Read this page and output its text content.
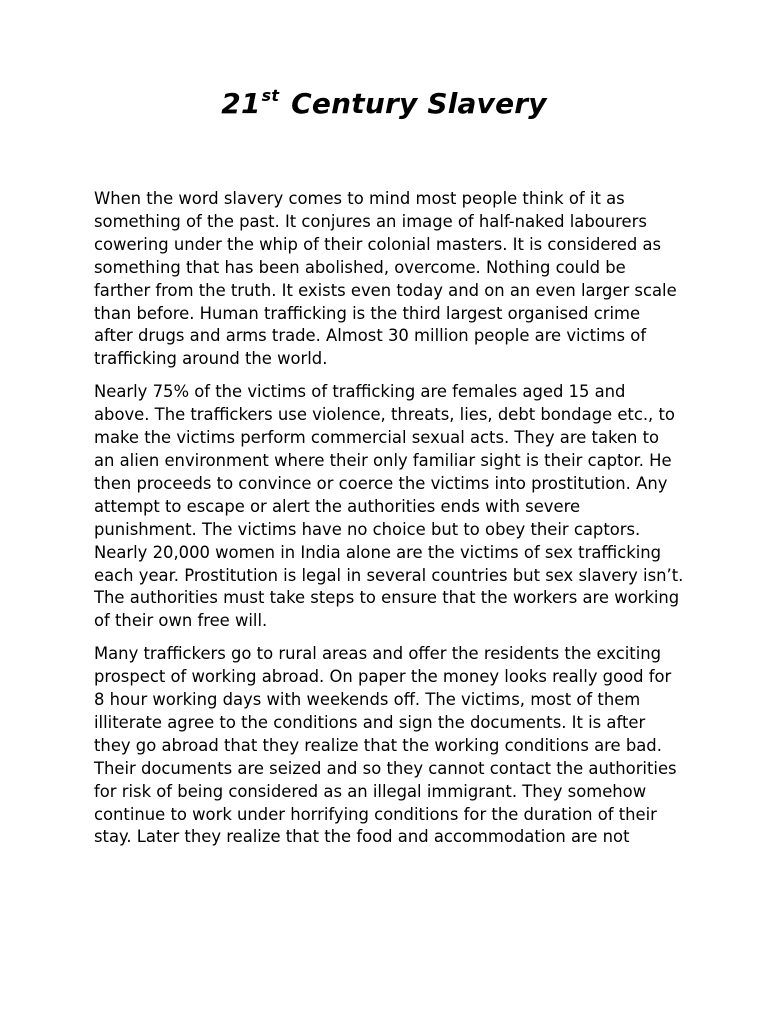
21st Century Slavery

When the word slavery comes to mind most people think of it as something of the past. It conjures an image of half-naked labourers cowering under the whip of their colonial masters. It is considered as something that has been abolished, overcome. Nothing could be farther from the truth. It exists even today and on an even larger scale than before. Human trafficking is the third largest organised crime after drugs and arms trade. Almost 30 million people are victims of trafficking around the world.

Nearly 75% of the victims of trafficking are females aged 15 and above. The traffickers use violence, threats, lies, debt bondage etc., to make the victims perform commercial sexual acts. They are taken to an alien environment where their only familiar sight is their captor. He then proceeds to convince or coerce the victims into prostitution. Any attempt to escape or alert the authorities ends with severe punishment. The victims have no choice but to obey their captors. Nearly 20,000 women in India alone are the victims of sex trafficking each year. Prostitution is legal in several countries but sex slavery isn’t. The authorities must take steps to ensure that the workers are working of their own free will.

Many traffickers go to rural areas and offer the residents the exciting prospect of working abroad. On paper the money looks really good for 8 hour working days with weekends off. The victims, most of them illiterate agree to the conditions and sign the documents. It is after they go abroad that they realize that the working conditions are bad. Their documents are seized and so they cannot contact the authorities for risk of being considered as an illegal immigrant. They somehow continue to work under horrifying conditions for the duration of their stay. Later they realize that the food and accommodation are not
